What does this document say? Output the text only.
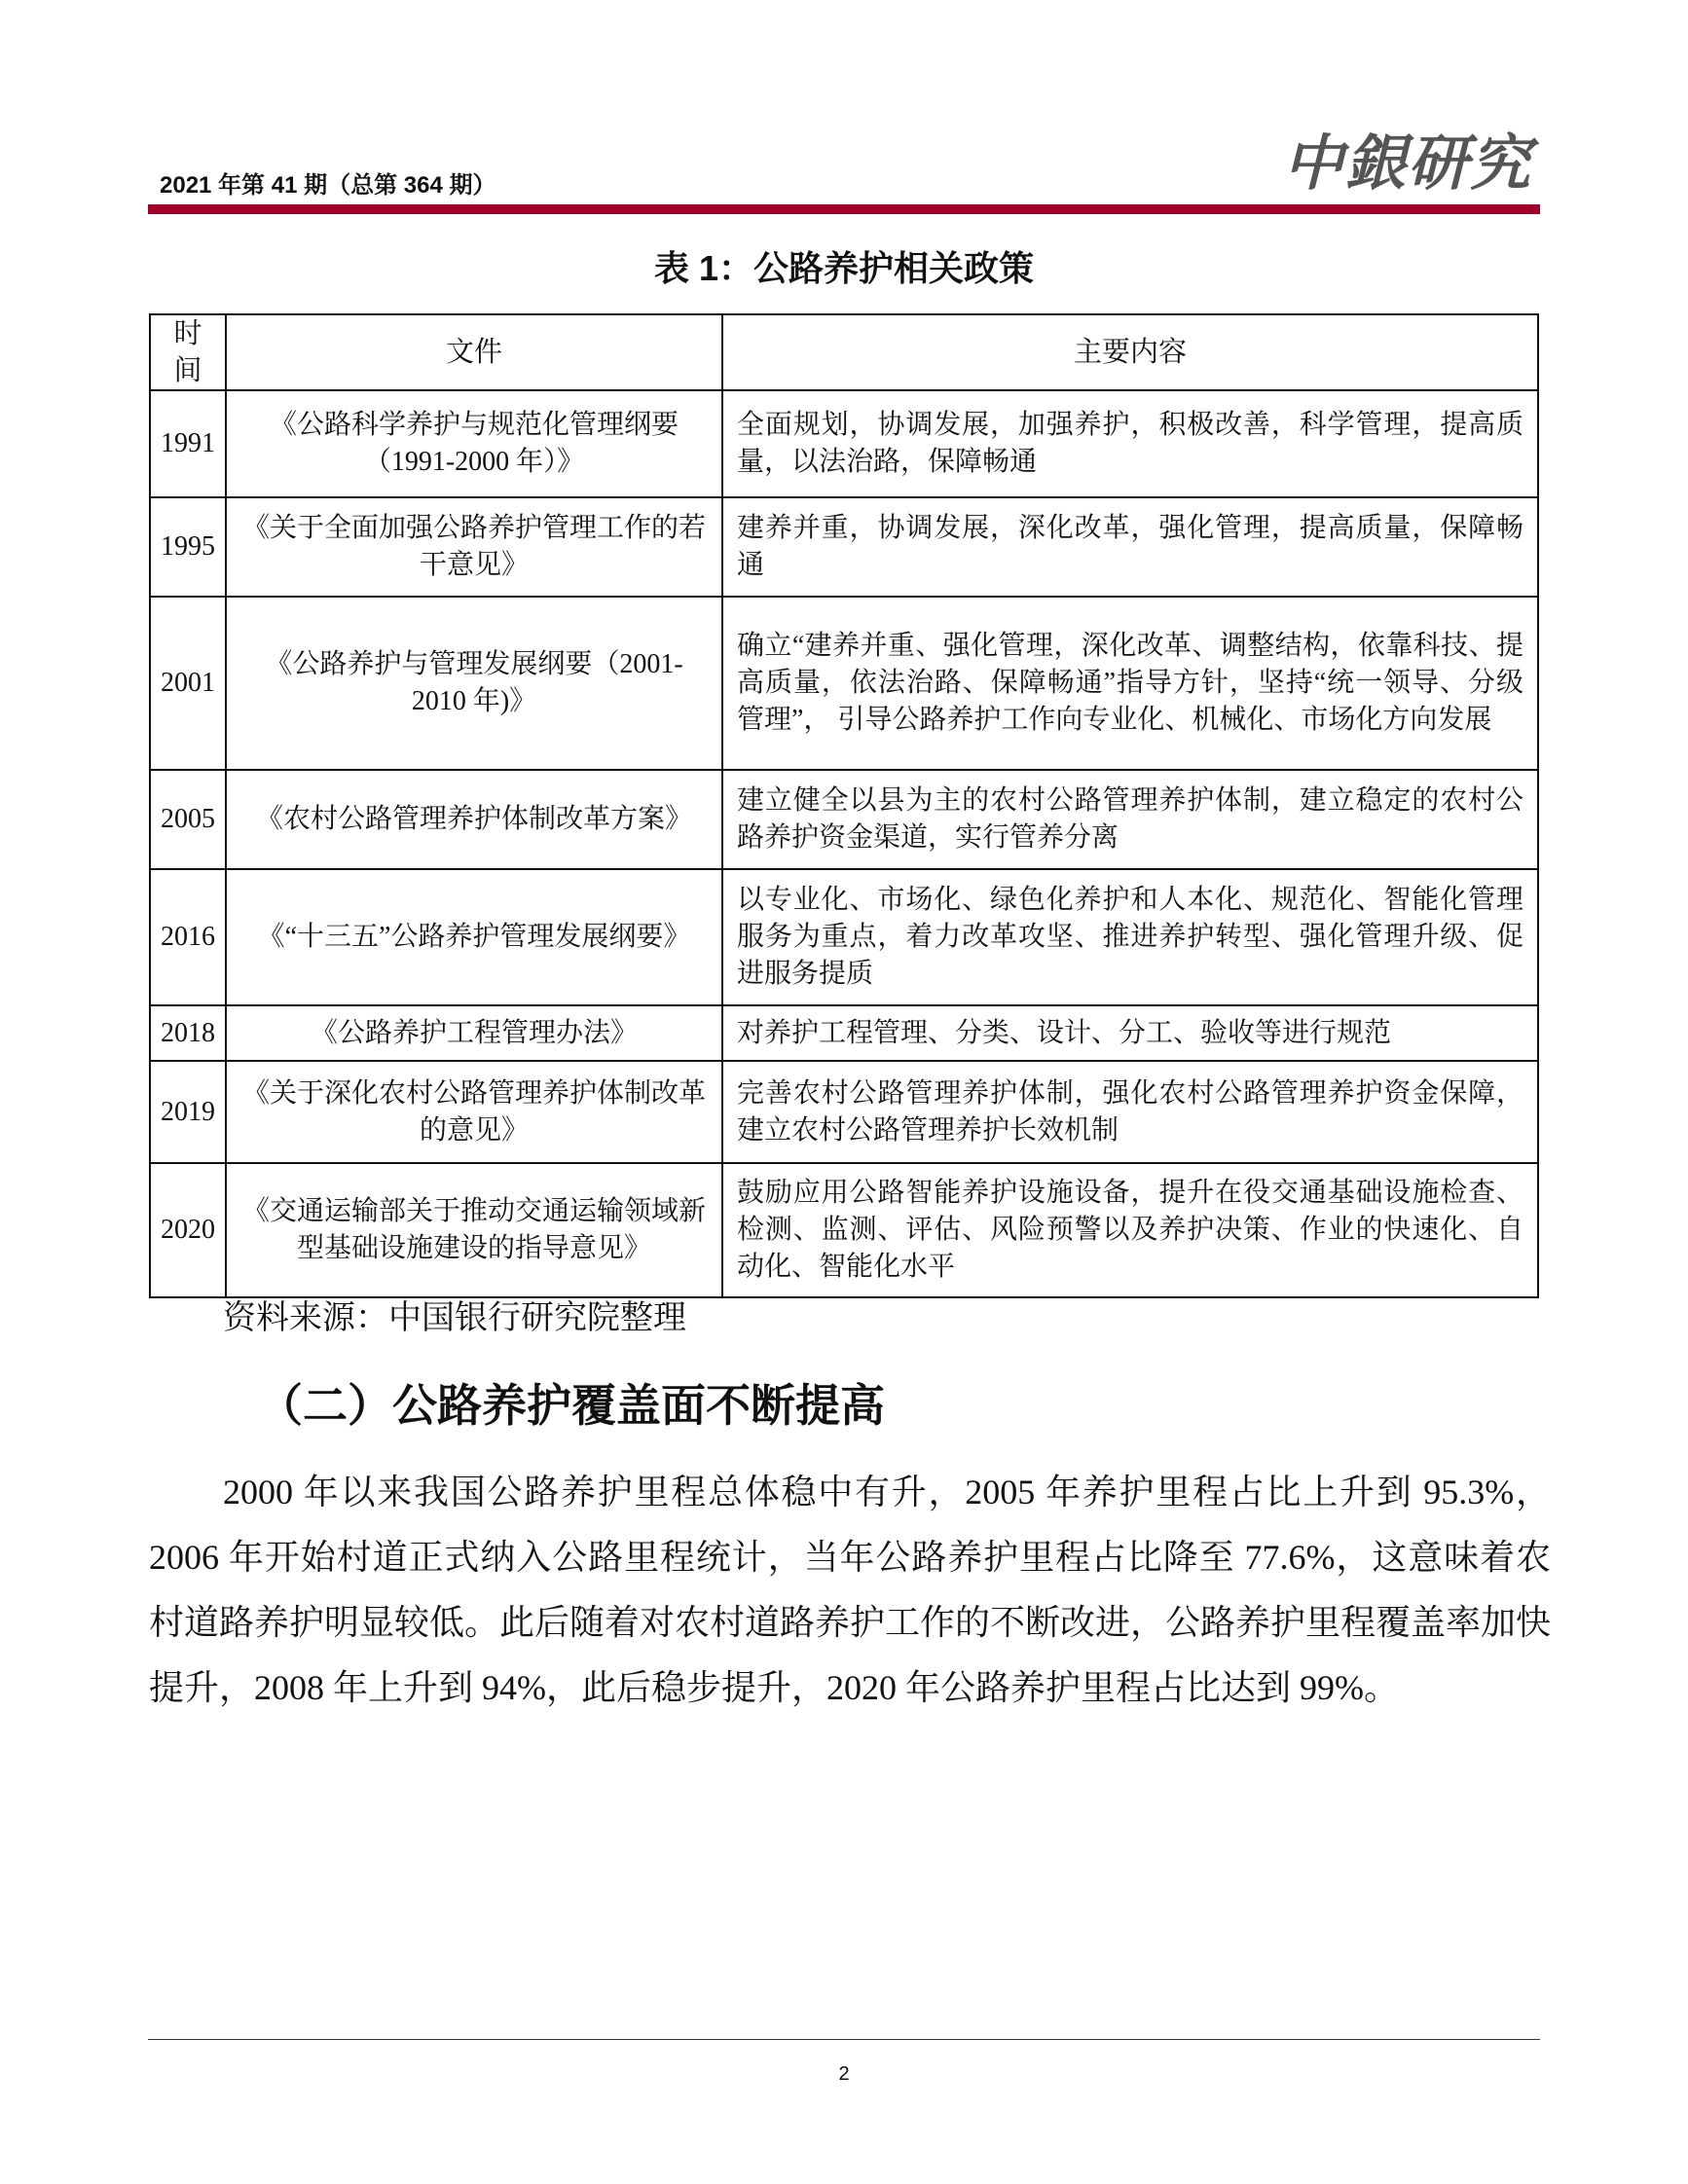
2021 年第 41 期（总第 364 期）	中銀研究
表 1：公路养护相关政策
时间	文件	主要内容
1991	《公路科学养护与规范化管理纲要（1991-2000 年）》	全面规划，协调发展，加强养护，积极改善，科学管理，提高质量，以法治路，保障畅通
1995	《关于全面加强公路养护管理工作的若干意见》	建养并重，协调发展，深化改革，强化管理，提高质量，保障畅通
2001	《公路养护与管理发展纲要（2001-2010 年)》	确立“建养并重、强化管理，深化改革、调整结构，依靠科技、提高质量，依法治路、保障畅通”指导方针，坚持“统一领导、分级管理”， 引导公路养护工作向专业化、机械化、市场化方向发展
2005	《农村公路管理养护体制改革方案》	建立健全以县为主的农村公路管理养护体制，建立稳定的农村公路养护资金渠道，实行管养分离
2016	《“十三五”公路养护管理发展纲要》	以专业化、市场化、绿色化养护和人本化、规范化、智能化管理服务为重点，着力改革攻坚、推进养护转型、强化管理升级、促进服务提质
2018	《公路养护工程管理办法》	对养护工程管理、分类、设计、分工、验收等进行规范
2019	《关于深化农村公路管理养护体制改革的意见》	完善农村公路管理养护体制，强化农村公路管理养护资金保障， 建立农村公路管理养护长效机制
2020	《交通运输部关于推动交通运输领域新型基础设施建设的指导意见》	鼓励应用公路智能养护设施设备，提升在役交通基础设施检查、检测、监测、评估、风险预警以及养护决策、作业的快速化、自动化、智能化水平
资料来源：中国银行研究院整理
（二）公路养护覆盖面不断提高
2000 年以来我国公路养护里程总体稳中有升，2005 年养护里程占比上升到 95.3%，2006 年开始村道正式纳入公路里程统计，当年公路养护里程占比降至 77.6%，这意味着农村道路养护明显较低。此后随着对农村道路养护工作的不断改进，公路养护里程覆盖率加快提升，2008 年上升到 94%，此后稳步提升，2020 年公路养护里程占比达到 99%。
2
